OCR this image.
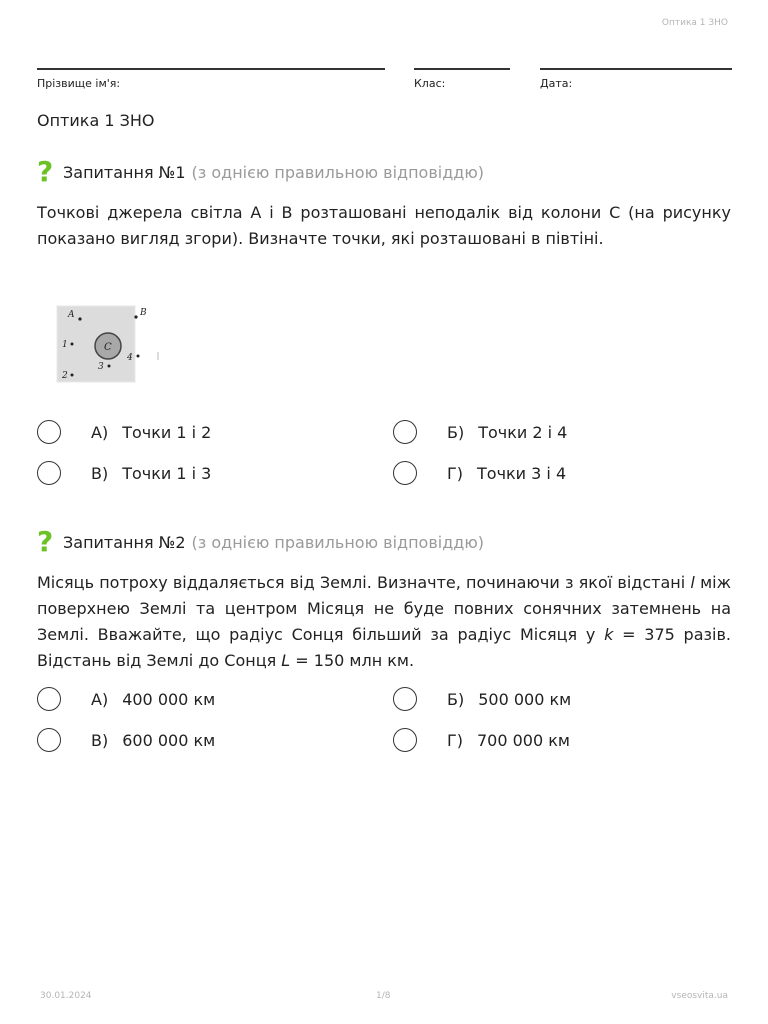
Оптика 1 ЗНО
Прізвище ім'я:	Клас:	Дата:
Оптика 1 ЗНО
? Запитання №1 (з однією правильною відповіддю)
Точкові джерела світла A і B розташовані неподалік від колони C (на рисунку показано вигляд згори). Визначте точки, які розташовані в півтіні.
C
A	B
1
2
3
4
А) Точки 1 і 2	Б) Точки 2 і 4
В) Точки 1 і 3	Г) Точки 3 і 4
? Запитання №2 (з однією правильною відповіддю)
Місяць потроху віддаляється від Землі. Визначте, починаючи з якої відстані l між поверхнею Землі та центром Місяця не буде повних сонячних затемнень на Землі. Вважайте, що радіус Сонця більший за радіус Місяця у k = 375 разів. Відстань від Землі до Сонця L = 150 млн км.
А) 400 000 км	Б) 500 000 км
В) 600 000 км	Г) 700 000 км
30.01.2024	1/8	vseosvita.ua
